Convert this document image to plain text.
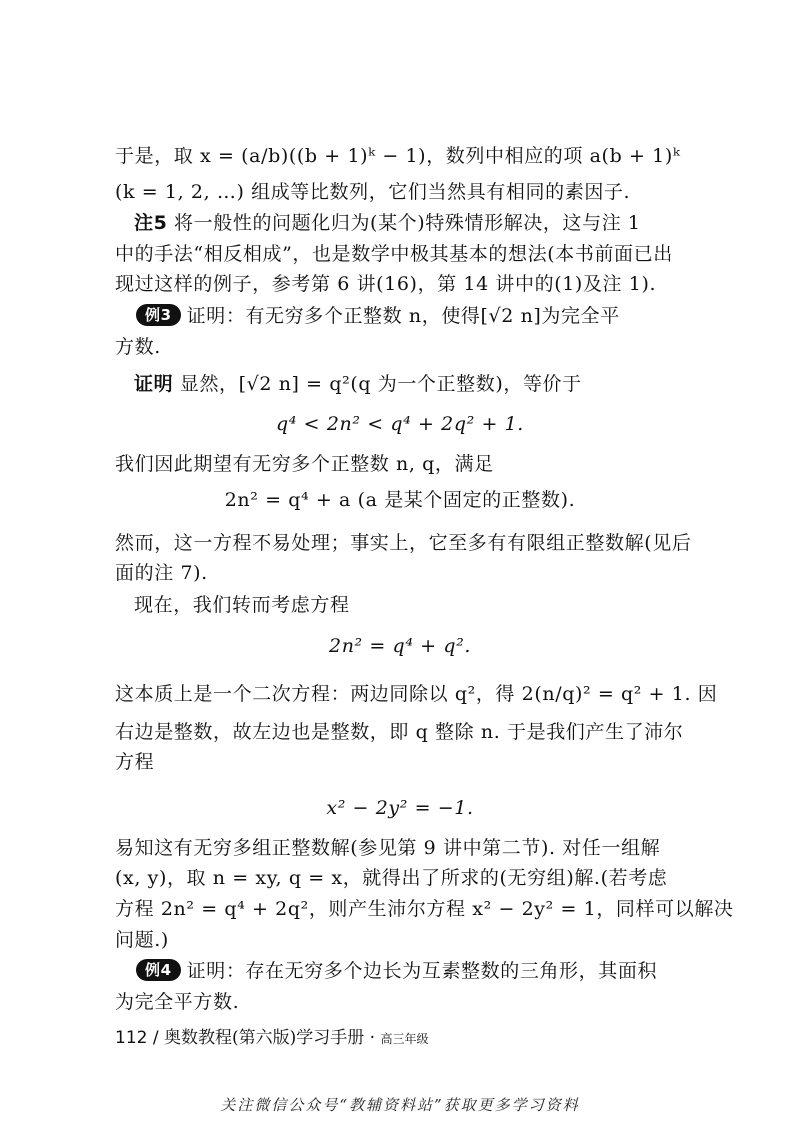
于是，取 x = (a/b)((b + 1)ᵏ − 1)，数列中相应的项 a(b + 1)ᵏ
(k = 1, 2, …) 组成等比数列，它们当然具有相同的素因子.
注5 将一般性的问题化归为(某个)特殊情形解决，这与注 1
中的手法“相反相成”，也是数学中极其基本的想法(本书前面已出
现过这样的例子，参考第 6 讲(16)，第 14 讲中的(1)及注 1).
例3 证明：有无穷多个正整数 n，使得[√2 n]为完全平
方数.
证明 显然，[√2 n] = q²(q 为一个正整数)，等价于
q⁴ < 2n² < q⁴ + 2q² + 1.
我们因此期望有无穷多个正整数 n, q，满足
2n² = q⁴ + a (a 是某个固定的正整数).
然而，这一方程不易处理；事实上，它至多有有限组正整数解(见后
面的注 7).
现在，我们转而考虑方程
2n² = q⁴ + q².
这本质上是一个二次方程：两边同除以 q²，得 2(n/q)² = q² + 1. 因
右边是整数，故左边也是整数，即 q 整除 n. 于是我们产生了沛尔
方程
x² − 2y² = −1.
易知这有无穷多组正整数解(参见第 9 讲中第二节). 对任一组解
(x, y)，取 n = xy, q = x，就得出了所求的(无穷组)解.(若考虑
方程 2n² = q⁴ + 2q²，则产生沛尔方程 x² − 2y² = 1，同样可以解决
问题.)
例4 证明：存在无穷多个边长为互素整数的三角形，其面积
为完全平方数.
112 / 奥数教程(第六版)学习手册 · 高三年级
关注微信公众号“教辅资料站”获取更多学习资料
